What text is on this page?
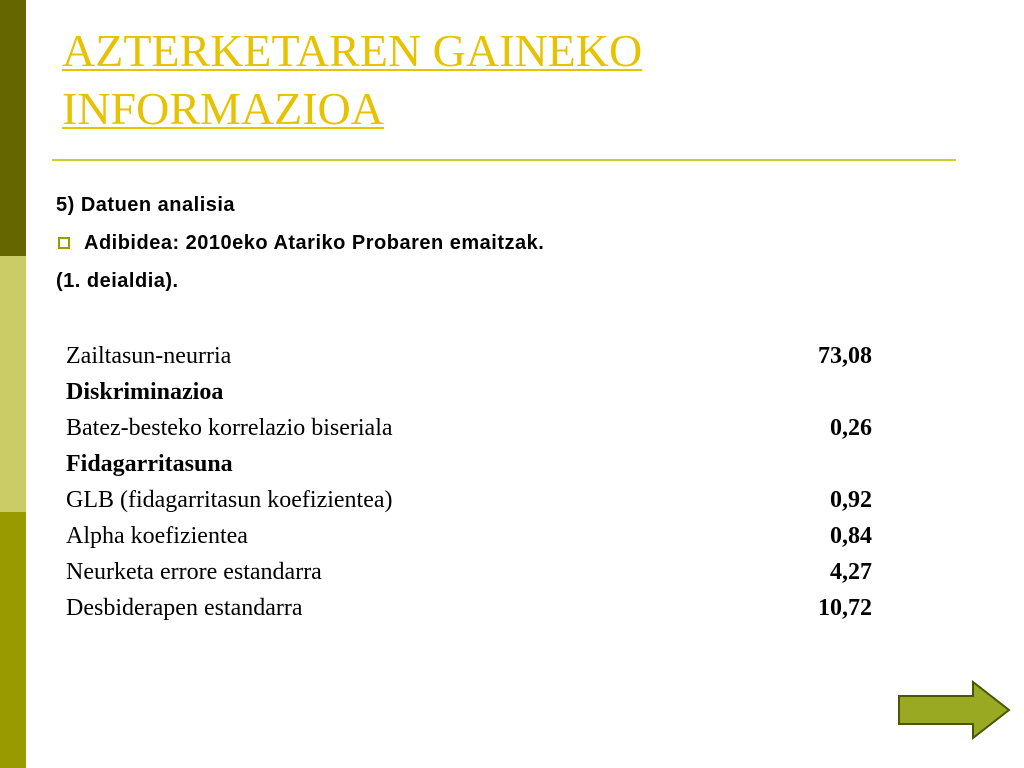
AZTERKETAREN GAINEKO
INFORMAZIOA
5) Datuen analisia
Adibidea: 2010eko Atariko Probaren emaitzak.
(1. deialdia).
Zailtasun-neurria	73,08
Diskriminazioa
Batez-besteko korrelazio biseriala	0,26
Fidagarritasuna
GLB (fidagarritasun koefizientea)	0,92
Alpha koefizientea	0,84
Neurketa errore estandarra	4,27
Desbiderapen estandarra	10,72
